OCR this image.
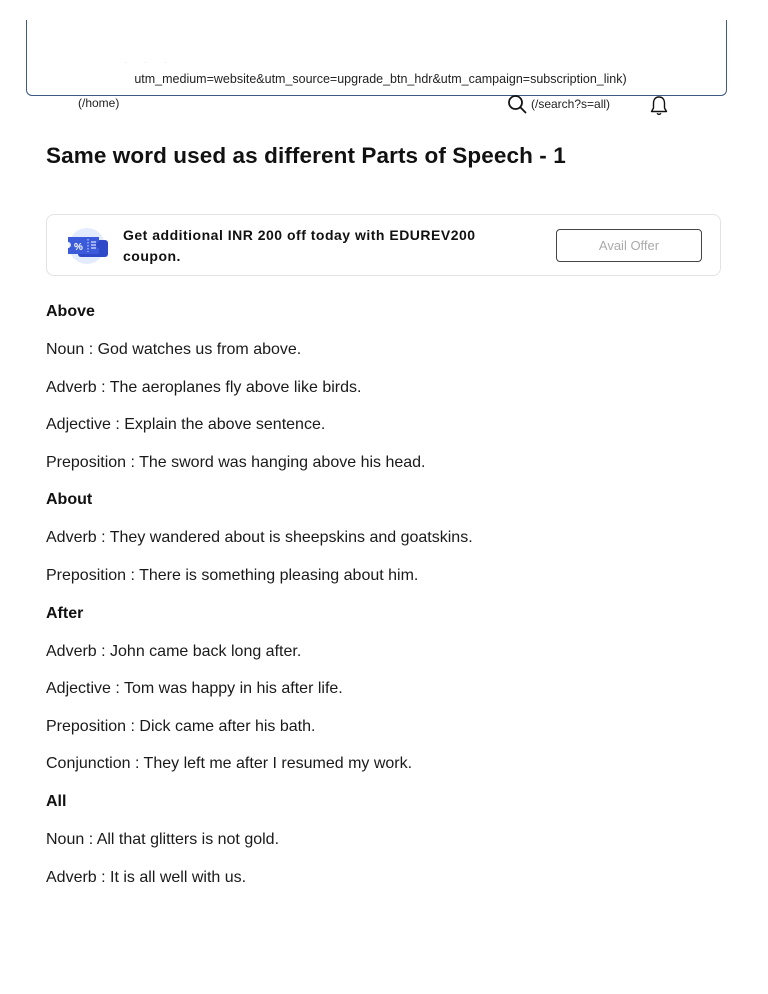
· · ·
utm_medium=website&utm_source=upgrade_btn_hdr&utm_campaign=subscription_link)
(/home)	(/search?s=all)
Same word used as different Parts of Speech - 1
%
Get additional INR 200 off today with EDUREV200 coupon.
Avail Offer
Above
Noun : God watches us from above.
Adverb : The aeroplanes fly above like birds.
Adjective : Explain the above sentence.
Preposition : The sword was hanging above his head.
About
Adverb : They wandered about is sheepskins and goatskins.
Preposition : There is something pleasing about him.
After
Adverb : John came back long after.
Adjective : Tom was happy in his after life.
Preposition : Dick came after his bath.
Conjunction : They left me after I resumed my work.
All
Noun : All that glitters is not gold.
Adverb : It is all well with us.
